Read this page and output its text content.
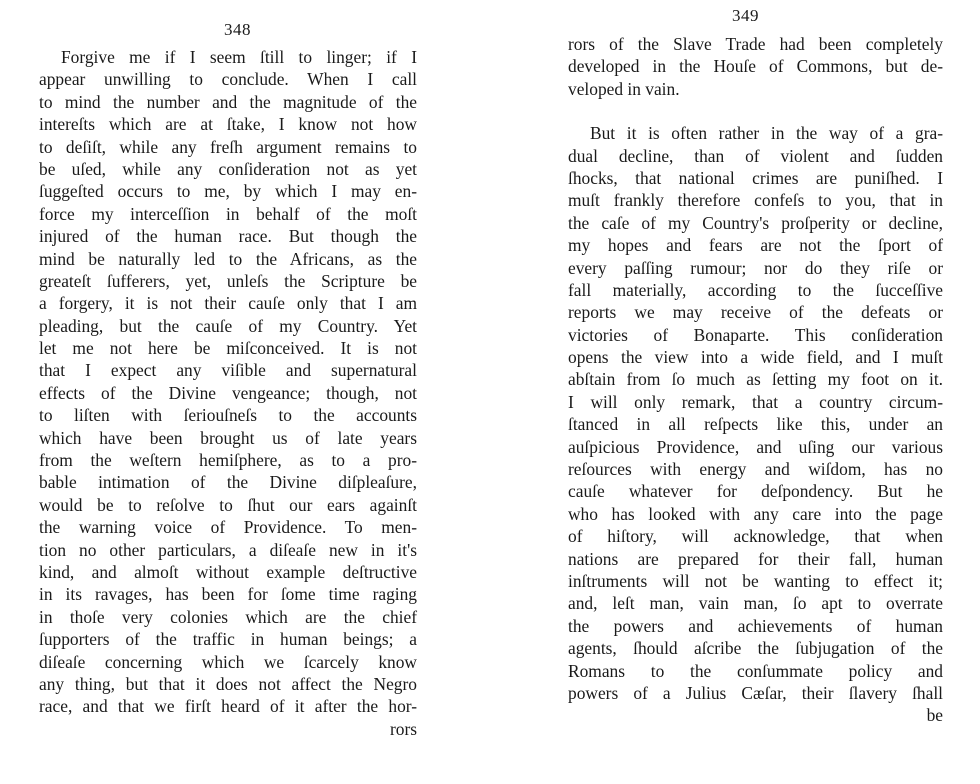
348
Forgive me if I seem ſtill to linger; if I
appear unwilling to conclude. When I call
to mind the number and the magnitude of the
intereſts which are at ſtake, I know not how
to deſiſt, while any freſh argument remains to
be uſed, while any conſideration not as yet
ſuggeſted occurs to me, by which I may en-
force my interceſſion in behalf of the moſt
injured of the human race. But though the
mind be naturally led to the Africans, as the
greateſt ſufferers, yet, unleſs the Scripture be
a forgery, it is not their cauſe only that I am
pleading, but the cauſe of my Country. Yet
let me not here be miſconceived. It is not
that I expect any viſible and supernatural
effects of the Divine vengeance; though, not
to liſten with ſeriouſneſs to the accounts
which have been brought us of late years
from the weſtern hemiſphere, as to a pro-
bable intimation of the Divine diſpleaſure,
would be to reſolve to ſhut our ears againſt
the warning voice of Providence. To men-
tion no other particulars, a diſeaſe new in it's
kind, and almoſt without example deſtructive
in its ravages, has been for ſome time raging
in thoſe very colonies which are the chief
ſupporters of the traffic in human beings; a
diſeaſe concerning which we ſcarcely know
any thing, but that it does not affect the Negro
race, and that we firſt heard of it after the hor-
rors
349
rors of the Slave Trade had been completely
developed in the Houſe of Commons, but de-
veloped in vain.
But it is often rather in the way of a gra-
dual decline, than of violent and ſudden
ſhocks, that national crimes are puniſhed. I
muſt frankly therefore confeſs to you, that in
the caſe of my Country's proſperity or decline,
my hopes and fears are not the ſport of
every paſſing rumour; nor do they riſe or
fall materially, according to the ſucceſſive
reports we may receive of the defeats or
victories of Bonaparte. This conſideration
opens the view into a wide field, and I muſt
abſtain from ſo much as ſetting my foot on it.
I will only remark, that a country circum-
ſtanced in all reſpects like this, under an
auſpicious Providence, and uſing our various
reſources with energy and wiſdom, has no
cauſe whatever for deſpondency. But he
who has looked with any care into the page
of hiſtory, will acknowledge, that when
nations are prepared for their fall, human
inſtruments will not be wanting to effect it;
and, leſt man, vain man, ſo apt to overrate
the powers and achievements of human
agents, ſhould aſcribe the ſubjugation of the
Romans to the conſummate policy and
powers of a Julius Cæſar, their ſlavery ſhall
be
